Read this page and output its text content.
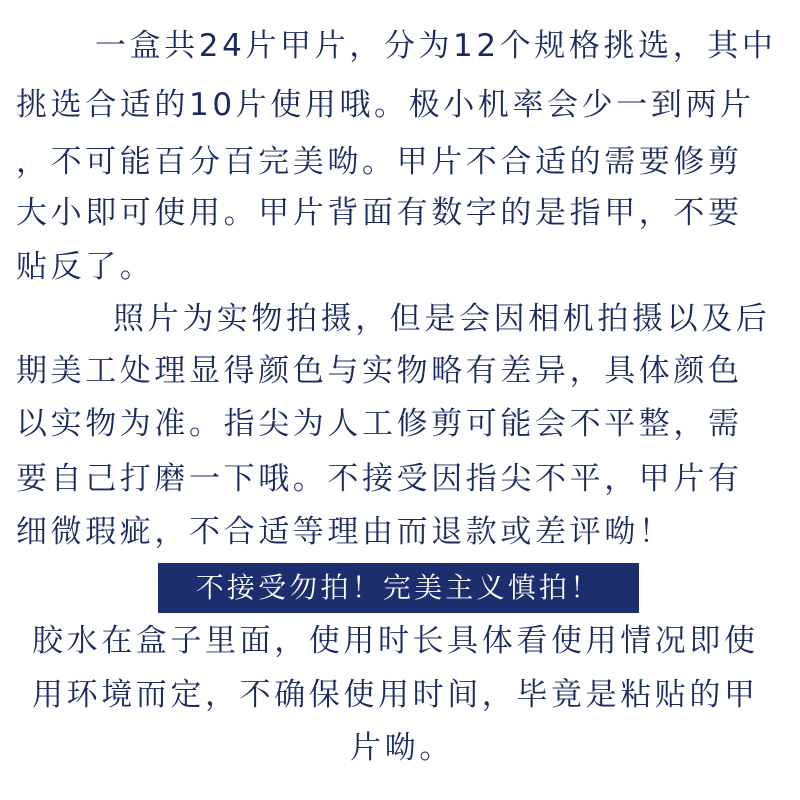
一盒共24片甲片，分为12个规格挑选，其中
挑选合适的10片使用哦。极小机率会少一到两片
，不可能百分百完美呦。甲片不合适的需要修剪
大小即可使用。甲片背面有数字的是指甲，不要
贴反了。
照片为实物拍摄，但是会因相机拍摄以及后
期美工处理显得颜色与实物略有差异，具体颜色
以实物为准。指尖为人工修剪可能会不平整，需
要自己打磨一下哦。不接受因指尖不平，甲片有
细微瑕疵，不合适等理由而退款或差评呦！
不接受勿拍！完美主义慎拍！
胶水在盒子里面，使用时长具体看使用情况即使
用环境而定，不确保使用时间，毕竟是粘贴的甲
片呦。
